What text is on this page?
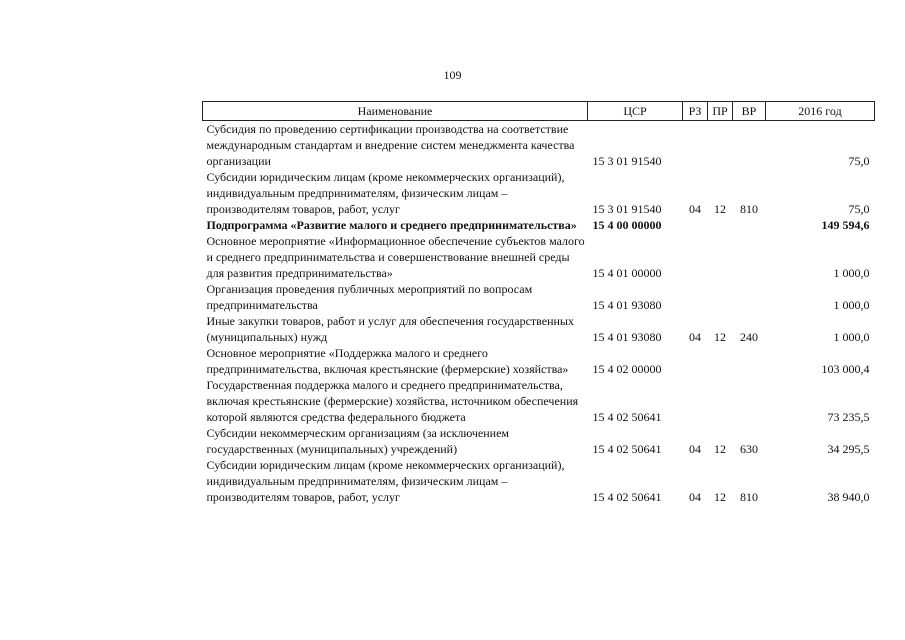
109
Наименование	ЦСР	РЗ	ПР	ВР	2016 год
Субсидия по проведению сертификации производства на соответствие международным стандартам и внедрение систем менеджмента качества организации	15 3 01 91540				75,0
Субсидии юридическим лицам (кроме некоммерческих организаций), индивидуальным предпринимателям, физическим лицам – производителям товаров, работ, услуг	15 3 01 91540	04	12	810	75,0
Подпрограмма «Развитие малого и среднего предпринимательства»	15 4 00 00000				149 594,6
Основное мероприятие «Информационное обеспечение субъектов малого и среднего предпринимательства и совершенствование внешней среды для развития предпринимательства»	15 4 01 00000				1 000,0
Организация проведения публичных мероприятий по вопросам предпринимательства	15 4 01 93080				1 000,0
Иные закупки товаров, работ и услуг для обеспечения государственных (муниципальных) нужд	15 4 01 93080	04	12	240	1 000,0
Основное мероприятие «Поддержка малого и среднего предпринимательства, включая крестьянские (фермерские) хозяйства»	15 4 02 00000				103 000,4
Государственная поддержка малого и среднего предпринимательства, включая крестьянские (фермерские) хозяйства, источником обеспечения которой являются средства федерального бюджета	15 4 02 50641				73 235,5
Субсидии некоммерческим организациям (за исключением государственных (муниципальных) учреждений)	15 4 02 50641	04	12	630	34 295,5
Субсидии юридическим лицам (кроме некоммерческих организаций), индивидуальным предпринимателям, физическим лицам – производителям товаров, работ, услуг	15 4 02 50641	04	12	810	38 940,0
